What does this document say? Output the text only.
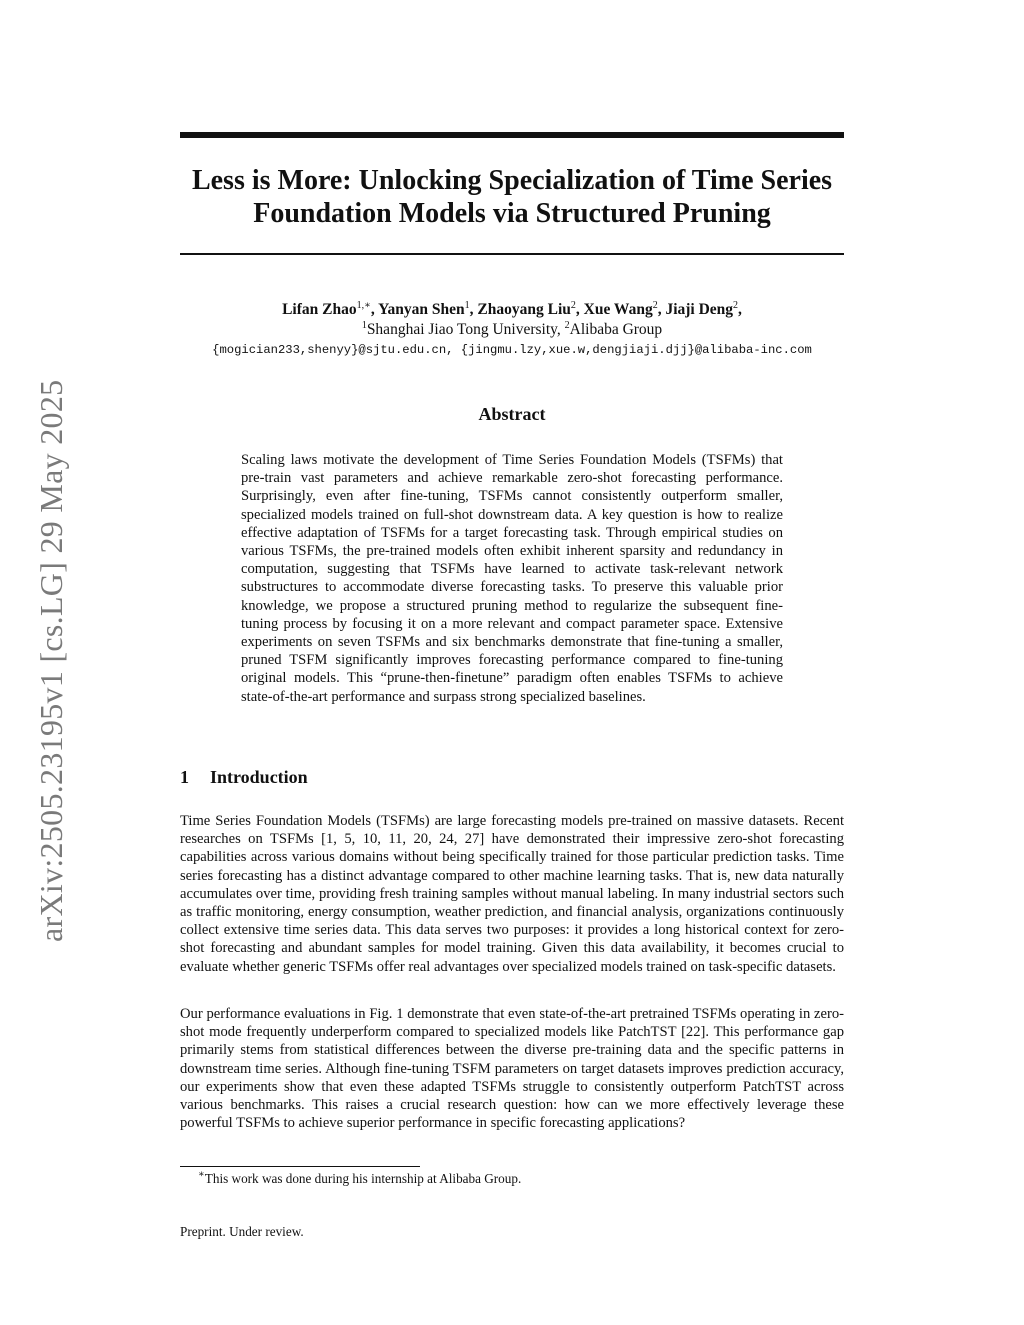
arXiv:2505.23195v1 [cs.LG] 29 May 2025
Less is More: Unlocking Specialization of Time Series
Foundation Models via Structured Pruning
Lifan Zhao$^{1,∗}$, Yanyan Shen$^1$, Zhaoyang Liu$^2$, Xue Wang$^2$, Jiaji Deng$^2$,
$^1$Shanghai Jiao Tong University, $^2$Alibaba Group
{mogician233,shenyy}@sjtu.edu.cn, {jingmu.lzy,xue.w,dengjiaji.djj}@alibaba-inc.com
Abstract
Scaling laws motivate the development of Time Series Foundation Models (TSFMs) that pre-train vast parameters and achieve remarkable zero-shot forecasting performance. Surprisingly, even after fine-tuning, TSFMs cannot consistently outperform smaller, specialized models trained on full-shot downstream data. A key question is how to realize effective adaptation of TSFMs for a target forecasting task. Through empirical studies on various TSFMs, the pre-trained models often exhibit inherent sparsity and redundancy in computation, suggesting that TSFMs have learned to activate task-relevant network substructures to accommodate diverse forecasting tasks. To preserve this valuable prior knowledge, we propose a structured pruning method to regularize the subsequent fine-tuning process by focusing it on a more relevant and compact parameter space. Extensive experiments on seven TSFMs and six benchmarks demonstrate that fine-tuning a smaller, pruned TSFM significantly improves forecasting performance compared to fine-tuning original models. This “prune-then-finetune” paradigm often enables TSFMs to achieve state-of-the-art performance and surpass strong specialized baselines.
1 Introduction
Time Series Foundation Models (TSFMs) are large forecasting models pre-trained on massive datasets. Recent researches on TSFMs [1, 5, 10, 11, 20, 24, 27] have demonstrated their impressive zero-shot forecasting capabilities across various domains without being specifically trained for those particular prediction tasks. Time series forecasting has a distinct advantage compared to other machine learning tasks. That is, new data naturally accumulates over time, providing fresh training samples without manual labeling. In many industrial sectors such as traffic monitoring, energy consumption, weather prediction, and financial analysis, organizations continuously collect extensive time series data. This data serves two purposes: it provides a long historical context for zero-shot forecasting and abundant samples for model training. Given this data availability, it becomes crucial to evaluate whether generic TSFMs offer real advantages over specialized models trained on task-specific datasets.
Our performance evaluations in Fig. 1 demonstrate that even state-of-the-art pretrained TSFMs operating in zero-shot mode frequently underperform compared to specialized models like PatchTST [22]. This performance gap primarily stems from statistical differences between the diverse pre-training data and the specific patterns in downstream time series. Although fine-tuning TSFM parameters on target datasets improves prediction accuracy, our experiments show that even these adapted TSFMs struggle to consistently outperform PatchTST across various benchmarks. This raises a crucial research question: how can we more effectively leverage these powerful TSFMs to achieve superior performance in specific forecasting applications?
∗This work was done during his internship at Alibaba Group.
Preprint. Under review.
